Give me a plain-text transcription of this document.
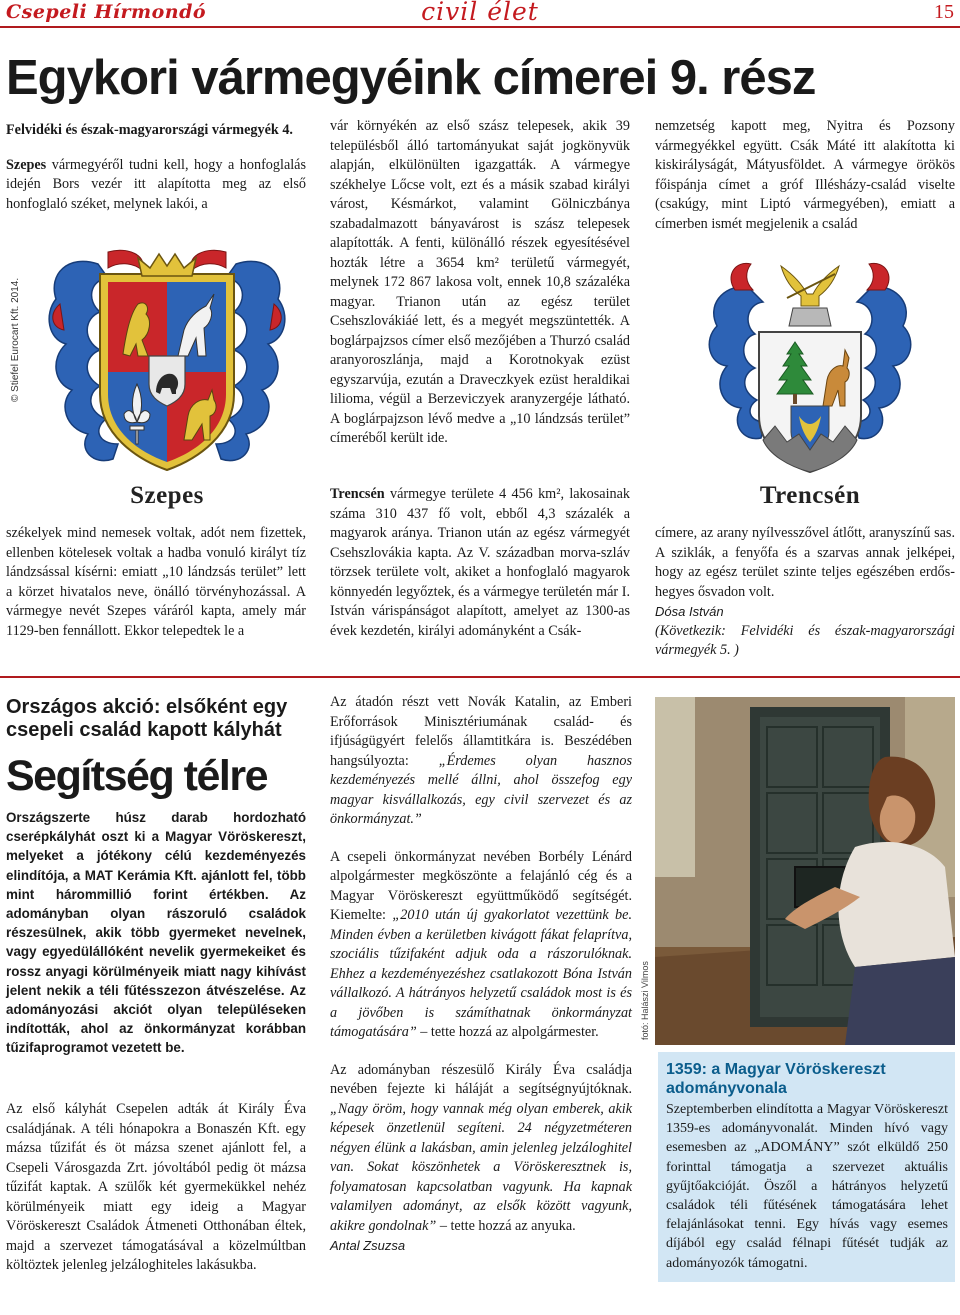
Csepeli Hírmondó	civil élet	15
Egykori vármegyéink címerei 9. rész

Felvidéki és észak-magyarországi vármegyék 4.

Szepes vármegyéről tudni kell, hogy a honfoglalás idején Bors vezér itt alapította meg az első honfoglaló széket, melynek lakói, a

© Stiefel Eurocart Kft. 2014.
Szepes
székelyek mind nemesek voltak, adót nem fizettek, ellenben kötelesek voltak a hadba vonuló királyt tíz lándzsással kísérni: emiatt „10 lándzsás terület” lett a körzet hivatalos neve, önálló törvényhozással. A vármegye nevét Szepes váráról kapta, amely már 1129-ben fennállott. Ekkor telepedtek le a
vár környékén az első szász telepesek, akik 39 településből álló tartományukat saját jogkönyvük alapján, elkülönülten igazgatták. A vármegye székhelye Lőcse volt, ezt és a másik szabad királyi várost, Késmárkot, valamint Gölniczbánya szabadalmazott bányavárost is szász telepesek alapították. A fenti, különálló részek egyesítésével hozták létre a 3654 km² területű vármegyét, melynek 172 867 lakosa volt, ennek 10,8 százaléka magyar. Trianon után az egész terület Csehszlovákiáé lett, és a megyét megszüntették. A boglárpajzsos címer első mezőjében a Thurzó család aranyoroszlánja, majd a Korotnokyak ezüst egyszarvúja, ezután a Draveczkyek ezüst heraldikai lilioma, végül a Berzeviczyek aranyzergéje látható. A boglárpajzson lévő medve a „10 lándzsás terület” címeréből került ide.

Trencsén vármegye területe 4 456 km², lakosainak száma 310 437 fő volt, ebből 4,3 százalék a magyarok aránya. Trianon után az egész vármegyét Csehszlovákia kapta. Az V. században morva-szláv törzsek területe volt, akiket a honfoglaló magyarok könnyedén legyőztek, és a vármegye területén már I. István várispánságot alapított, amelyet az 1300-as évek kezdetén, királyi adományként a Csák-

nemzetség kapott meg, Nyitra és Pozsony vármegyékkel együtt. Csák Máté itt alakította ki kiskirályságát, Mátyusföldet. A vármegye örökös főispánja címet a gróf Illésházy-család viselte (csakúgy, mint Liptó vármegyében), emiatt a címerben ismét megjelenik a család
Trencsén

címere, az arany nyílvesszővel átlőtt, aranyszínű sas. A sziklák, a fenyőfa és a szarvas annak jelképei, hogy az egész terület szinte teljes egészében erdős-hegyes ősvadon volt.

Dósa István

(Következik: Felvidéki és észak-magyarországi vármegyék 5. )

Országos akció: elsőként egy csepeli család kapott kályhát
Segítség télre
Országszerte húsz darab hordozható cserépkályhát oszt ki a Magyar Vöröskereszt, melyeket a jótékony célú kezdeményezés elindítója, a MAT Kerámia Kft. ajánlott fel, több mint hárommillió forint értékben. Az adományban olyan rászoruló családok részesülnek, akik több gyermeket nevelnek, vagy egyedülállóként nevelik gyermekeiket és rossz anyagi körülményeik miatt nagy kihívást jelent nekik a téli fűtésszezon átvészelése. Az adományozási akciót olyan településeken indították, ahol az önkormányzat korábban tűzifaprogramot vezetett be.
Az első kályhát Csepelen adták át Király Éva családjának. A téli hónapokra a Bonaszén Kft. egy mázsa tűzifát és öt mázsa szenet ajánlott fel, a Csepeli Városgazda Zrt. jóvoltából pedig öt mázsa tűzifát kaptak. A szülők két gyermekükkel nehéz körülményeik miatt egy ideig a Magyar Vöröskereszt Családok Átmeneti Otthonában éltek, majd a szervezet támogatásával a közelmúltban költöztek jelenleg jelzáloghiteles lakásukba.

Az átadón részt vett Novák Katalin, az Emberi Erőforrások Minisztériumának család- és ifjúságügyért felelős államtitkára is. Beszédében hangsúlyozta: „Érdemes olyan hasznos kezdeményezés mellé állni, ahol összefog egy magyar kisvállalkozás, egy civil szervezet és az önkormányzat.”

A csepeli önkormányzat nevében Borbély Lénárd alpolgármester megköszönte a felajánló cég és a Magyar Vöröskereszt együttműködő segítségét. Kiemelte: „2010 után új gyakorlatot vezettünk be. Minden évben a kerületben kivágott fákat felaprítva, szociális tűzifaként adjuk oda a rászorulóknak. Ehhez a kezdeményezéshez csatlakozott Bóna István vállalkozó. A hátrányos helyzetű családok most is és a jövőben is számíthatnak önkormányzat támogatására” – tette hozzá az alpolgármester.

Az adományban részesülő Király Éva családja nevében fejezte ki háláját a segítségnyújtóknak. „Nagy öröm, hogy vannak még olyan emberek, akik képesek önzetlenül segíteni. 24 négyzetméteren négyen élünk a lakásban, amin jelenleg jelzáloghitel van. Sokat köszönhetek a Vöröskeresztnek is, folyamatosan kapcsolatban vagyunk. Ha kapnak valamilyen adományt, az elsők között vagyunk, akikre gondolnak” – tette hozzá az anyuka.

Antal Zsuzsa

fotó: Halászi Vilmos
1359: a Magyar Vöröskereszt adományvonala
Szeptemberben elindította a Magyar Vöröskereszt 1359-es adományvonalát. Minden hívó vagy esemesben az „ADOMÁNY” szót elküldő 250 forinttal támogatja a szervezet aktuális gyűjtőakcióját. Öszől a hátrányos helyzetű családok téli fűtésének támogatására lehet felajánlásokat tenni. Egy hívás vagy esemes díjából egy család félnapi fűtését tudják az adományozók támogatni.
